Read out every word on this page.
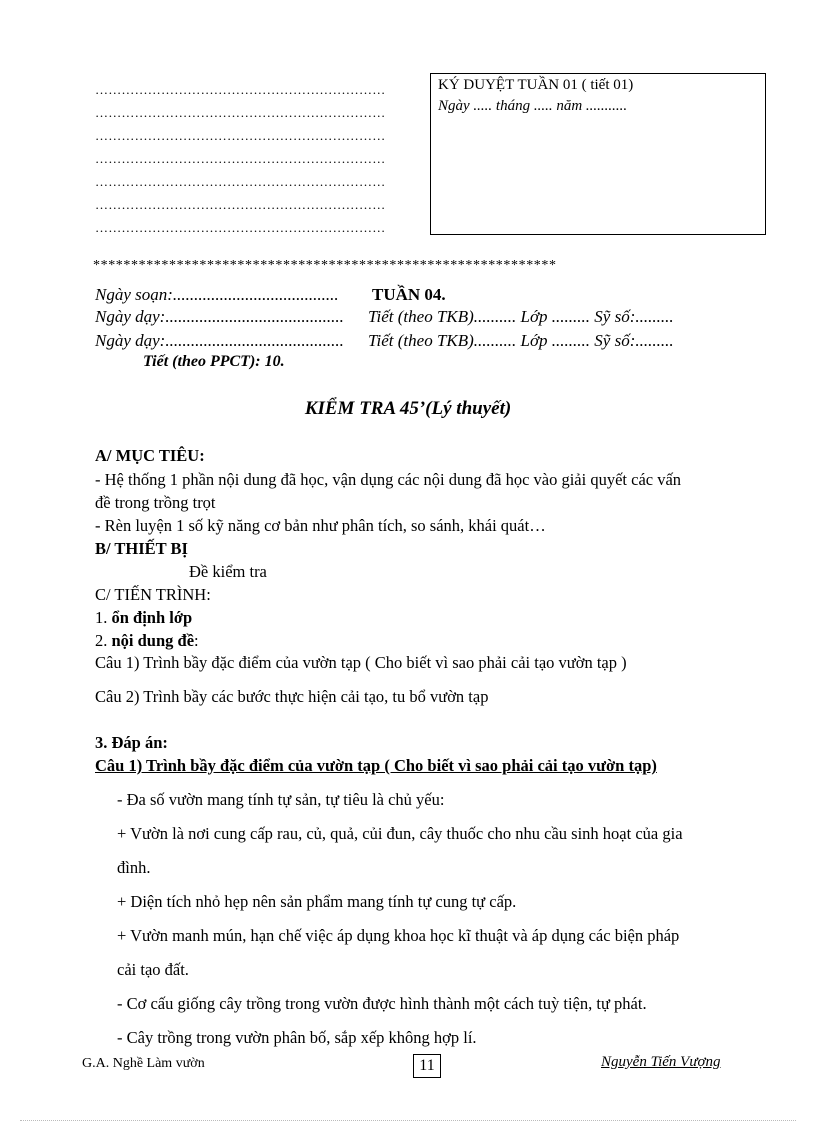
…………………………………………………………
…………………………………………………………
…………………………………………………………
…………………………………………………………
…………………………………………………………
…………………………………………………………
…………………………………………………………
KÝ DUYỆT TUẦN 01 ( tiết 01)
Ngày ..... tháng ..... năm ...........
*************************************************************
Ngày soạn:....................................... TUẦN 04.
Ngày dạy:.......................................... Tiết (theo TKB).......... Lớp ......... Sỹ số:.........
Ngày dạy:.......................................... Tiết (theo TKB).......... Lớp ......... Sỹ số:.........
Tiết (theo PPCT): 10.
KIỂM TRA 45’(Lý thuyết)
A/ MỤC TIÊU:
- Hệ thống 1 phần nội dung đã học, vận dụng các nội dung đã học vào giải quyết các vấn
đề trong trồng trọt
- Rèn luyện 1 số kỹ năng cơ bản như phân tích, so sánh, khái quát…
B/ THIẾT BỊ
Đề kiểm tra
C/ TIẾN TRÌNH:
1. ổn định lớp
2. nội dung đề:
Câu 1) Trình bầy đặc điểm của vườn tạp ( Cho biết vì sao phải cải tạo vườn tạp )
Câu 2) Trình bầy các bước thực hiện cải tạo, tu bổ vườn tạp
3. Đáp án:
Câu 1) Trình bầy đặc điểm của vườn tạp ( Cho biết vì sao phải cải tạo vườn tạp)
- Đa số vườn mang tính tự sản, tự tiêu là chủ yếu:
+ Vườn là nơi cung cấp rau, củ, quả, củi đun, cây thuốc cho nhu cầu sinh hoạt của gia
đình.
+ Diện tích nhỏ hẹp nên sản phẩm mang tính tự cung tự cấp.
+ Vườn manh mún, hạn chế việc áp dụng khoa học kĩ thuật và áp dụng các biện pháp
cải tạo đất.
- Cơ cấu giống cây trồng trong vườn được hình thành một cách tuỳ tiện, tự phát.
- Cây trồng trong vườn phân bố, sắp xếp không hợp lí.
G.A. Nghề Làm vườn	11	Nguyễn Tiến Vượng
